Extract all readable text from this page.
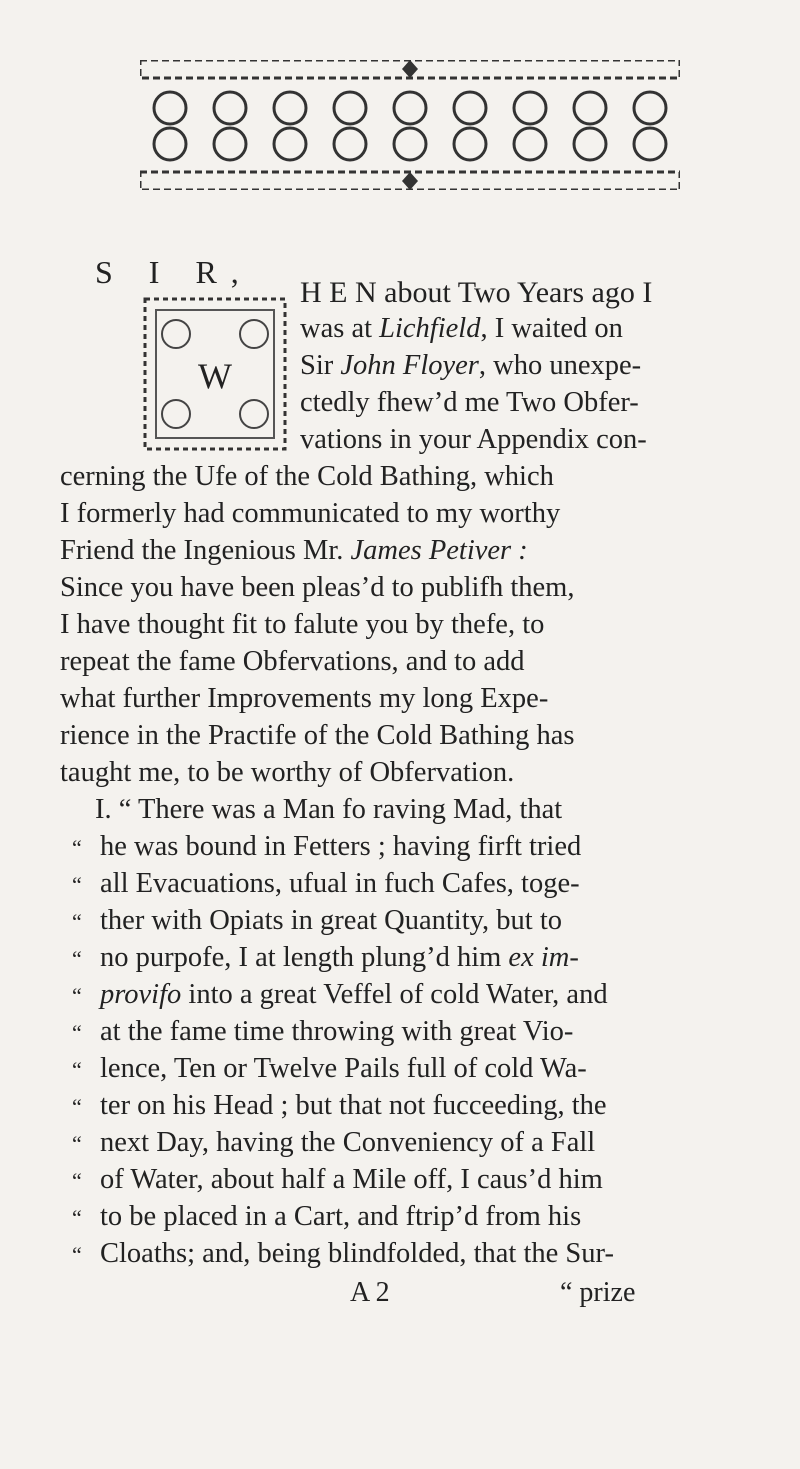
S I R,

W

H E N about Two Years ago I

was at Lichfield, I waited on

Sir John Floyer, who unexpe-

ctedly fhew’d me Two Obfer-

vations in your Appendix con-

cerning the Ufe of the Cold Bathing, which

I formerly had communicated to my worthy

Friend the Ingenious Mr. James Petiver :

Since you have been pleas’d to publifh them,

I have thought fit to falute you by thefe, to

repeat the fame Obfervations, and to add

what further Improvements my long Expe-

rience in the Practife of the Cold Bathing has

taught me, to be worthy of Obfervation.

I. “ There was a Man fo raving Mad, that

“ he was bound in Fetters ; having firft tried

“ all Evacuations, ufual in fuch Cafes, toge-

“ ther with Opiats in great Quantity, but to

“ no purpofe, I at length plung’d him ex im-

“ provifo into a great Veffel of cold Water, and

“ at the fame time throwing with great Vio-

“ lence, Ten or Twelve Pails full of cold Wa-

“ ter on his Head ; but that not fucceeding, the

“ next Day, having the Conveniency of a Fall

“ of Water, about half a Mile off, I caus’d him

“ to be placed in a Cart, and ftrip’d from his

“ Cloaths; and, being blindfolded, that the Sur-

A 2	“ prize
